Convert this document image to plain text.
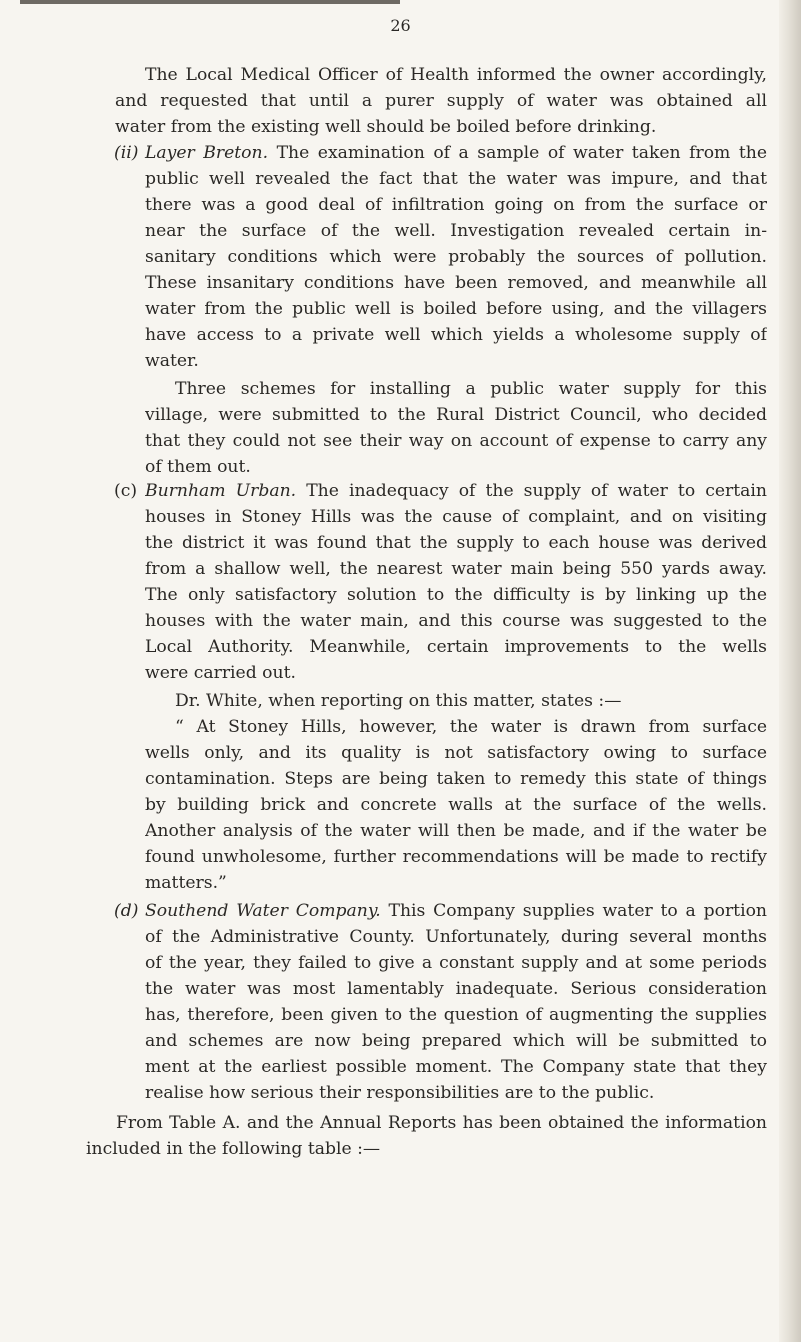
26
The Local Medical Officer of Health informed the owner accordingly,
and requested that until a purer supply of water was obtained all
water from the existing well should be boiled before drinking.
(ii) Layer Breton. The examination of a sample of water taken from the
public well revealed the fact that the water was impure, and that
there was a good deal of infiltration going on from the surface or
near the surface of the well. Investigation revealed certain in-
sanitary conditions which were probably the sources of pollution.
These insanitary conditions have been removed, and meanwhile all
water from the public well is boiled before using, and the villagers
have access to a private well which yields a wholesome supply of
water.
Three schemes for installing a public water supply for this
village, were submitted to the Rural District Council, who decided
that they could not see their way on account of expense to carry any
of them out.
(c) Burnham Urban. The inadequacy of the supply of water to certain
houses in Stoney Hills was the cause of complaint, and on visiting
the district it was found that the supply to each house was derived
from a shallow well, the nearest water main being 550 yards away.
The only satisfactory solution to the difficulty is by linking up the
houses with the water main, and this course was suggested to the
Local Authority. Meanwhile, certain improvements to the wells
were carried out.
Dr. White, when reporting on this matter, states :—
“ At Stoney Hills, however, the water is drawn from surface
wells only, and its quality is not satisfactory owing to surface
contamination. Steps are being taken to remedy this state of things
by building brick and concrete walls at the surface of the wells.
Another analysis of the water will then be made, and if the water be
found unwholesome, further recommendations will be made to rectify
matters.”
(d) Southend Water Company. This Company supplies water to a portion
of the Administrative County. Unfortunately, during several months
of the year, they failed to give a constant supply and at some periods
the water was most lamentably inadequate. Serious consideration
has, therefore, been given to the question of augmenting the supplies
and schemes are now being prepared which will be submitted to
ment at the earliest possible moment. The Company state that they
realise how serious their responsibilities are to the public.
From Table A. and the Annual Reports has been obtained the information
included in the following table :—
